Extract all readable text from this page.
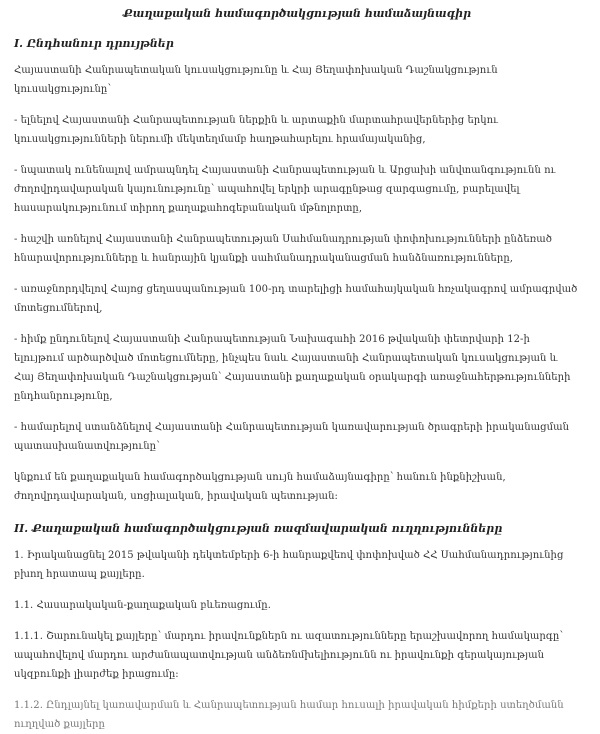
Քաղաքական համագործակցության համաձայնագիր
I. Ընդհանուր դրույթներ

Հայաստանի Հանրապետական կուսակցությունը և Հայ Յեղափոխական Դաշնակցություն կուսակցությունը՝

- ելնելով Հայաստանի Հանրապետության ներքին և արտաքին մարտահրավերներից երկու կուսակցությունների ներումի մեկտեղմամբ հաղթահարելու հրամայականից,

- նպատակ ունենալով ամրապնդել Հայաստանի Հանրապետության և Արցախի անվտանգությունն ու ժողովրդավարական կայունությունը՝ ապահովել երկրի արագընթաց զարգացումը, բարելավել հասարակությունում տիրող քաղաքահոգեբանական մթնոլորտը,

- հաշվի առնելով Հայաստանի Հանրապետության Սահմանադրության փոփոխությունների ընձեռած հնարավորությունները և հանրային կյանքի սահմանադրականացման հանձնառությունները,

- առաջնորդվելով Հայոց ցեղասպանության 100-րդ տարելիցի համահայկական հռչակագրով ամրագրված մոտեցումներով,

- հիմք ընդունելով Հայաստանի Հանրապետության Նախագահի 2016 թվականի փետրվարի 12-ի ելույթում արծարծված մոտեցումները, ինչպես նաև Հայաստանի Հանրապետական կուսակցության և Հայ Յեղափոխական Դաշնակցության՝ Հայաստանի քաղաքական օրակարգի առաջնահերթությունների ընդհանրությունը,

- համարելով ստանձնելով Հայաստանի Հանրապետության կառավարության ծրագրերի իրականացման պատասխանատվությունը՝

կնքում են քաղաքական համագործակցության սույն համաձայնագիրը՝ հանուն ինքնիշխան, ժողովրդավարական, սոցիալական, իրավական պետության:

II. Քաղաքական համագործակցության ռազմավարական ուղղությունները

1. Իրականացնել 2015 թվականի դեկտեմբերի 6-ի հանրաքվեով փոփոխված ՀՀ Սահմանադրությունից բխող հրատապ քայլերը.

1.1. Հասարակական-քաղաքական բևեռացումը.

1.1.1. Շարունակել քայլերը՝ մարդու իրավունքներն ու ազատությունները երաշխավորող համակարգը՝ ապահովելով մարդու արժանապատվության անձեռնմխելիությունն ու իրավունքի գերակայության սկզբունքի լիարժեք իրացումը:

1.1.2. Ընդլայնել կառավարման և Հանրապետության համար հուսալի իրավական հիմքերի ստեղծմանն ուղղված քայլերը
